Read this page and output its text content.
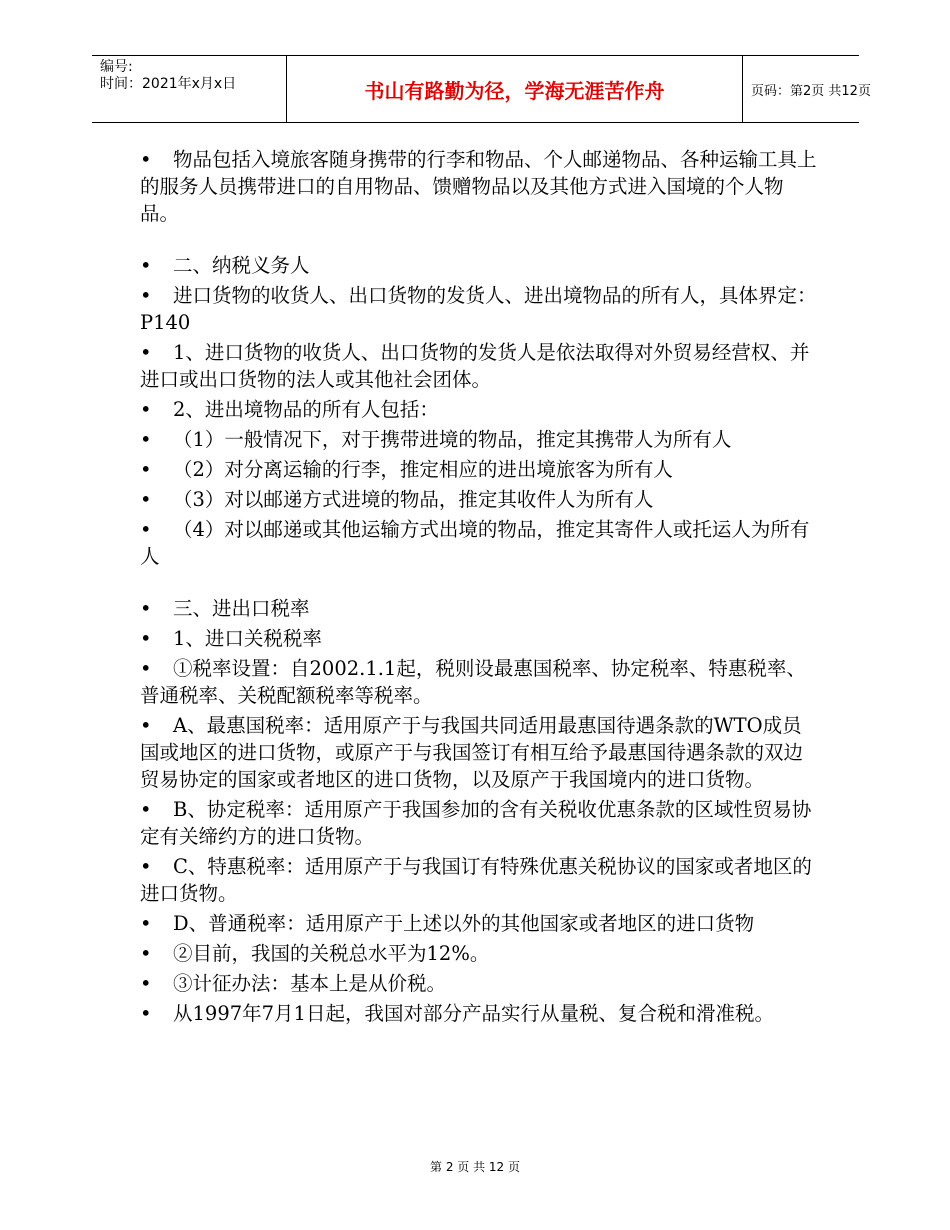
编号:
时间：2021年x月x日	书山有路勤为径，学海无涯苦作舟	页码：第2页 共12页

• 物品包括入境旅客随身携带的行李和物品、个人邮递物品、各种运输工具上的服务人员携带进口的自用物品、馈赠物品以及其他方式进入国境的个人物品。

• 二、纳税义务人

• 进口货物的收货人、出口货物的发货人、进出境物品的所有人，具体界定：P140

• 1、进口货物的收货人、出口货物的发货人是依法取得对外贸易经营权、并进口或出口货物的法人或其他社会团体。

• 2、进出境物品的所有人包括：

• （1）一般情况下，对于携带进境的物品，推定其携带人为所有人

• （2）对分离运输的行李，推定相应的进出境旅客为所有人

• （3）对以邮递方式进境的物品，推定其收件人为所有人

• （4）对以邮递或其他运输方式出境的物品，推定其寄件人或托运人为所有人

• 三、进出口税率

• 1、进口关税税率

• ①税率设置：自2002.1.1起，税则设最惠国税率、协定税率、特惠税率、普通税率、关税配额税率等税率。

• A、最惠国税率：适用原产于与我国共同适用最惠国待遇条款的WTO成员国或地区的进口货物，或原产于与我国签订有相互给予最惠国待遇条款的双边贸易协定的国家或者地区的进口货物，以及原产于我国境内的进口货物。

• B、协定税率：适用原产于我国参加的含有关税收优惠条款的区域性贸易协定有关缔约方的进口货物。

• C、特惠税率：适用原产于与我国订有特殊优惠关税协议的国家或者地区的进口货物。

• D、普通税率：适用原产于上述以外的其他国家或者地区的进口货物

• ②目前，我国的关税总水平为12%。

• ③计征办法：基本上是从价税。

• 从1997年7月1日起，我国对部分产品实行从量税、复合税和滑准税。

第 2 页 共 12 页
